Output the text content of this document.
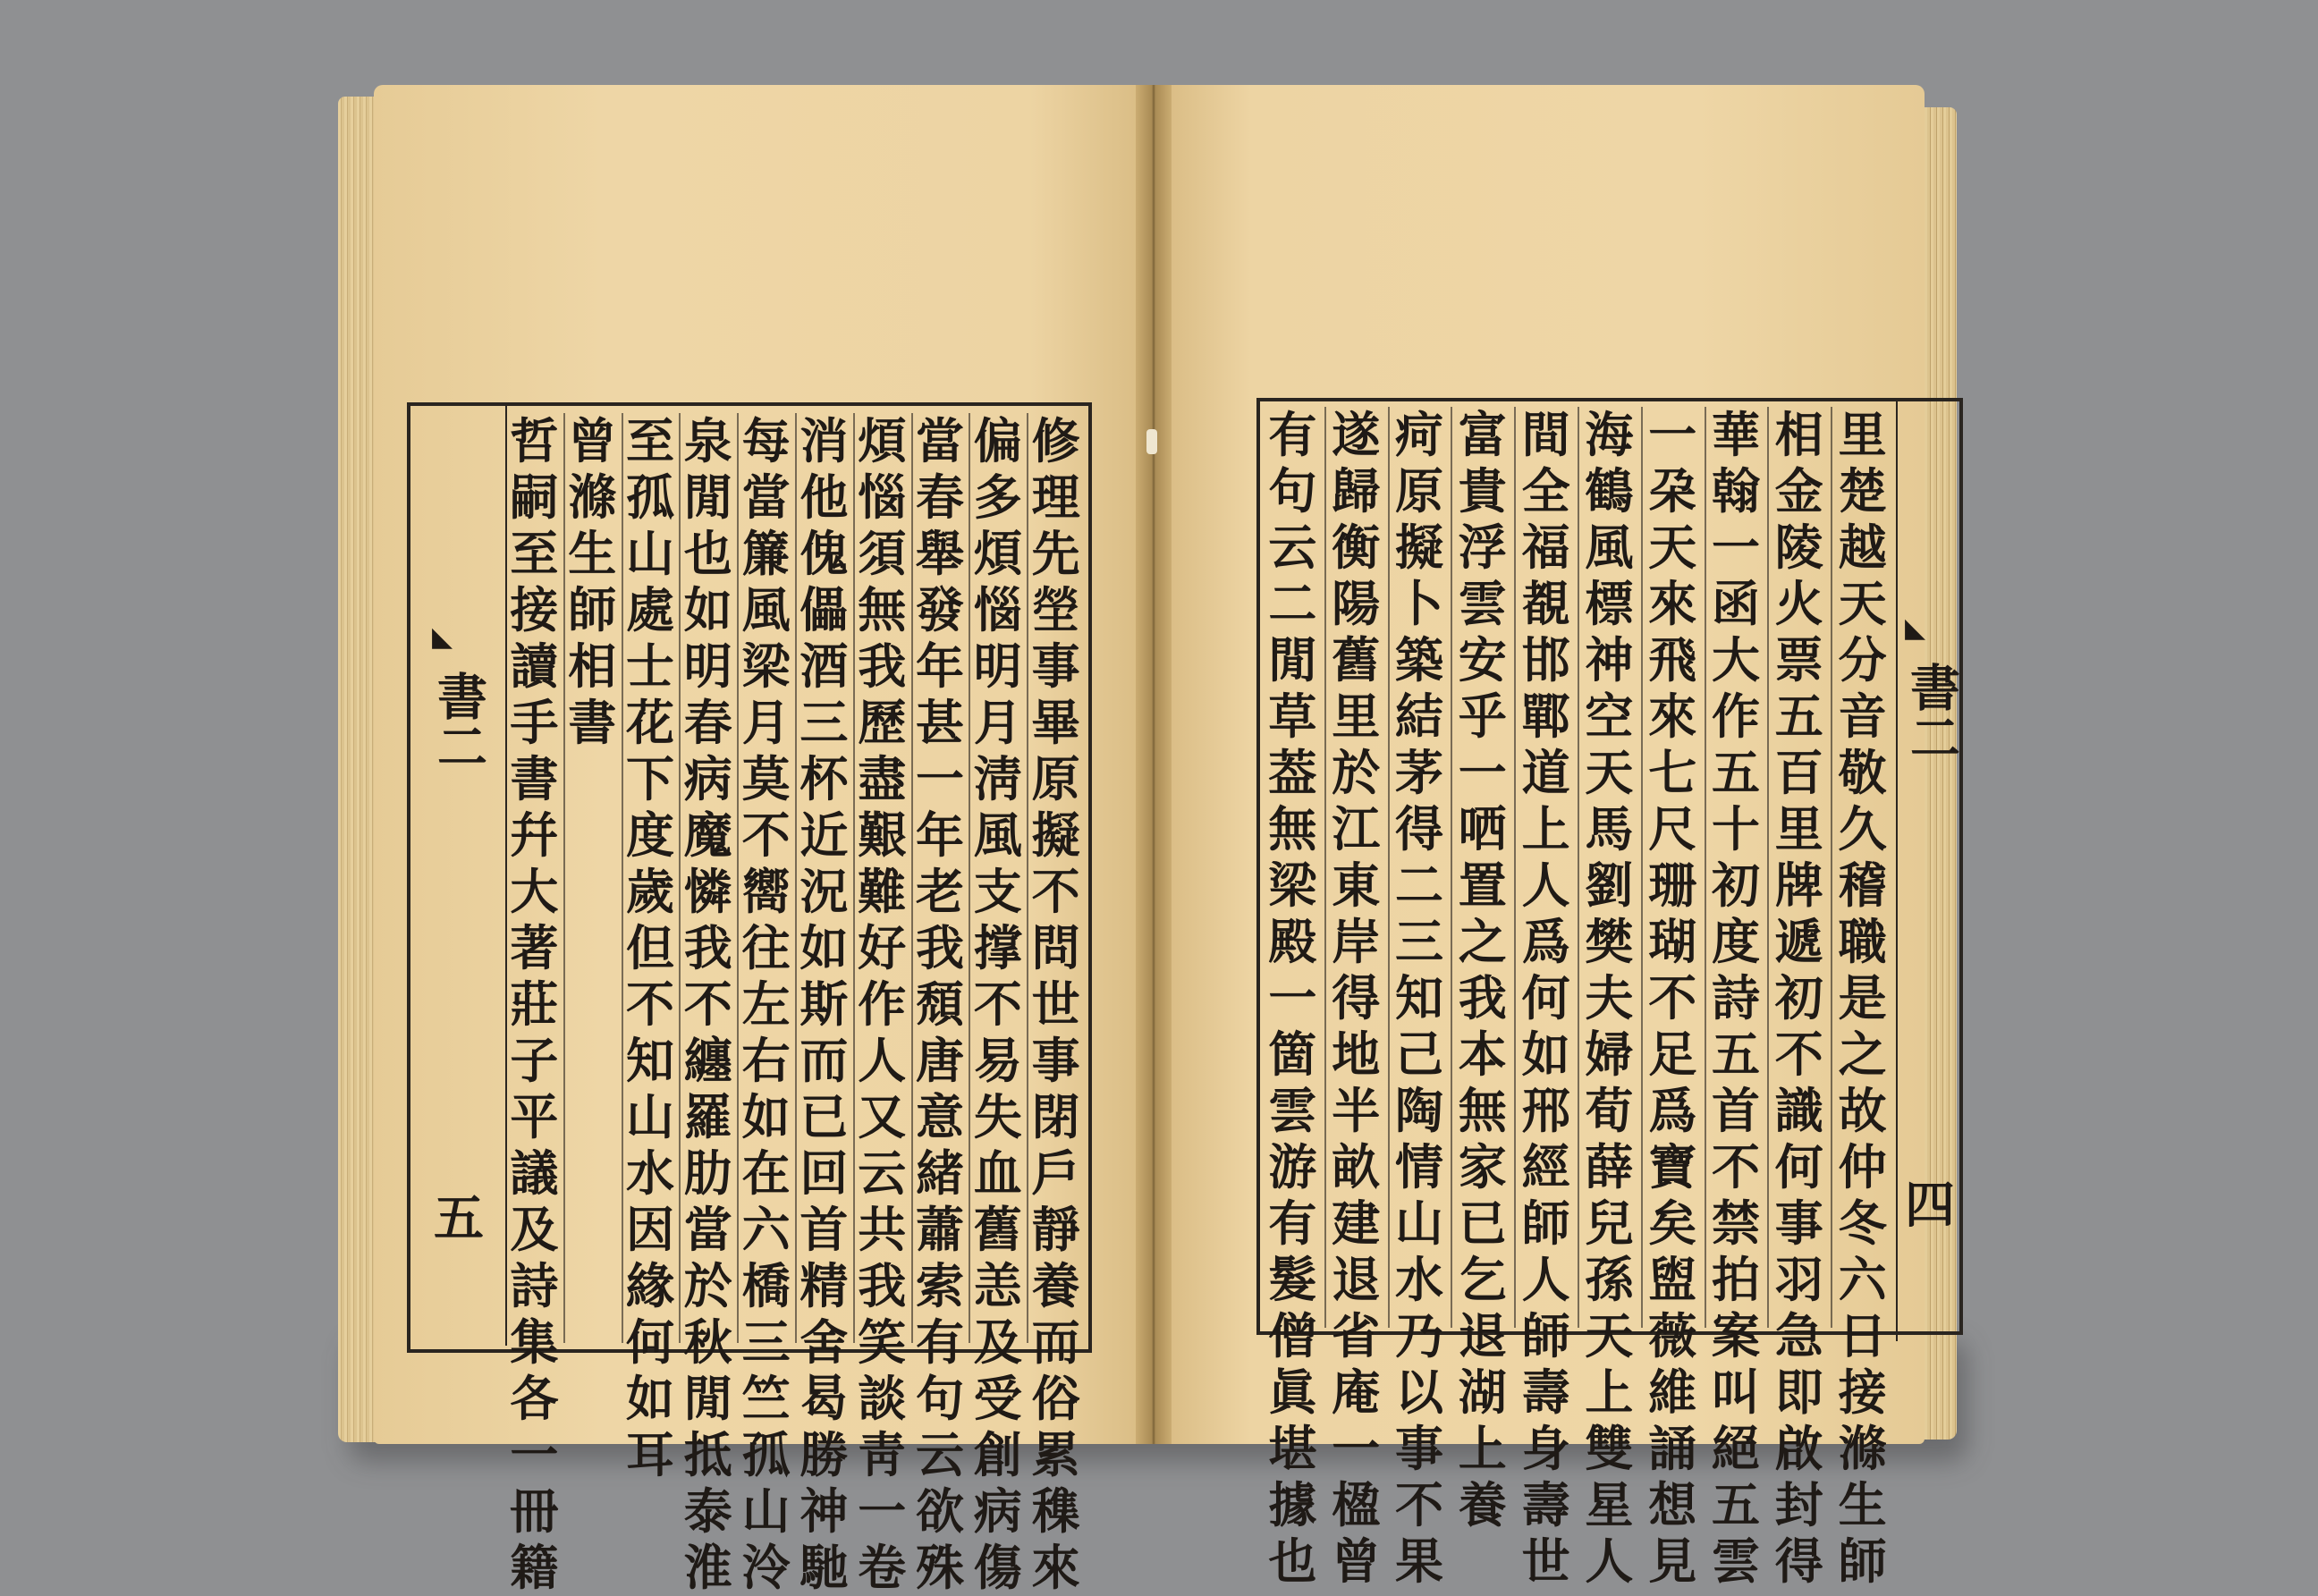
◣
書二
五
◣
書二
四
修
理
先
塋
事
畢
原
擬
不
問
世
事
閉
戶
靜
養
而
俗
累
穕
來
偏
多
煩
惱
明
月
淸
風
支
撑
不
易
失
血
舊
恙
及
受
創
病
傷
當
春
舉
發
年
甚
一
年
老
我
頹
唐
意
緒
蕭
索
有
句
云
欲
殊
煩
惱
須
無
我
歷
盡
艱
難
好
作
人
又
云
共
我
笑
談
靑
一
卷
消
他
傀
儡
酒
三
杯
近
況
如
斯
而
已
回
首
精
舍
曷
勝
神
馳
每
當
簾
風
梁
月
莫
不
嚮
往
左
右
如
在
六
橋
三
竺
孤
山
泠
泉
閒
也
如
明
春
病
魔
憐
我
不
纏
羅
肋
當
於
秋
閒
抵
泰
淮
至
孤
山
處
士
花
下
度
歲
但
不
知
山
水
因
緣
何
如
耳
曾
滌
生
師
相
書
哲
嗣
至
接
讀
手
書
幷
大
著
莊
子
平
議
及
詩
集
各
一
冊
籍
里
楚
越
天
分
音
敬
久
稽
職
是
之
故
仲
冬
六
日
接
滌
生
師
相
金
陵
火
票
五
百
里
牌
遞
初
不
識
何
事
羽
急
即
啟
封
得
華
翰
一
函
大
作
五
十
初
度
詩
五
首
不
禁
拍
案
叫
絕
五
雲
一
朶
天
來
飛
來
七
尺
珊
瑚
不
足
爲
寶
矣
盥
薇
維
誦
想
見
海
鶴
風
標
神
空
天
馬
劉
樊
夫
婦
荀
薛
兒
孫
天
上
雙
星
人
間
全
福
覩
邯
鄲
道
上
人
爲
何
如
郉
經
師
人
師
壽
身
壽
世
富
貴
浮
雲
安
乎
一
哂
置
之
我
本
無
家
已
乞
退
湖
上
養
疴
原
擬
卜
築
結
茅
得
二
三
知
己
陶
情
山
水
乃
以
事
不
果
遂
歸
衡
陽
舊
里
於
江
東
岸
得
地
半
畝
建
退
省
庵
一
楹
曾
有
句
云
二
閒
草
葢
無
梁
殿
一
箇
雲
游
有
髮
僧
眞
堪
據
也
